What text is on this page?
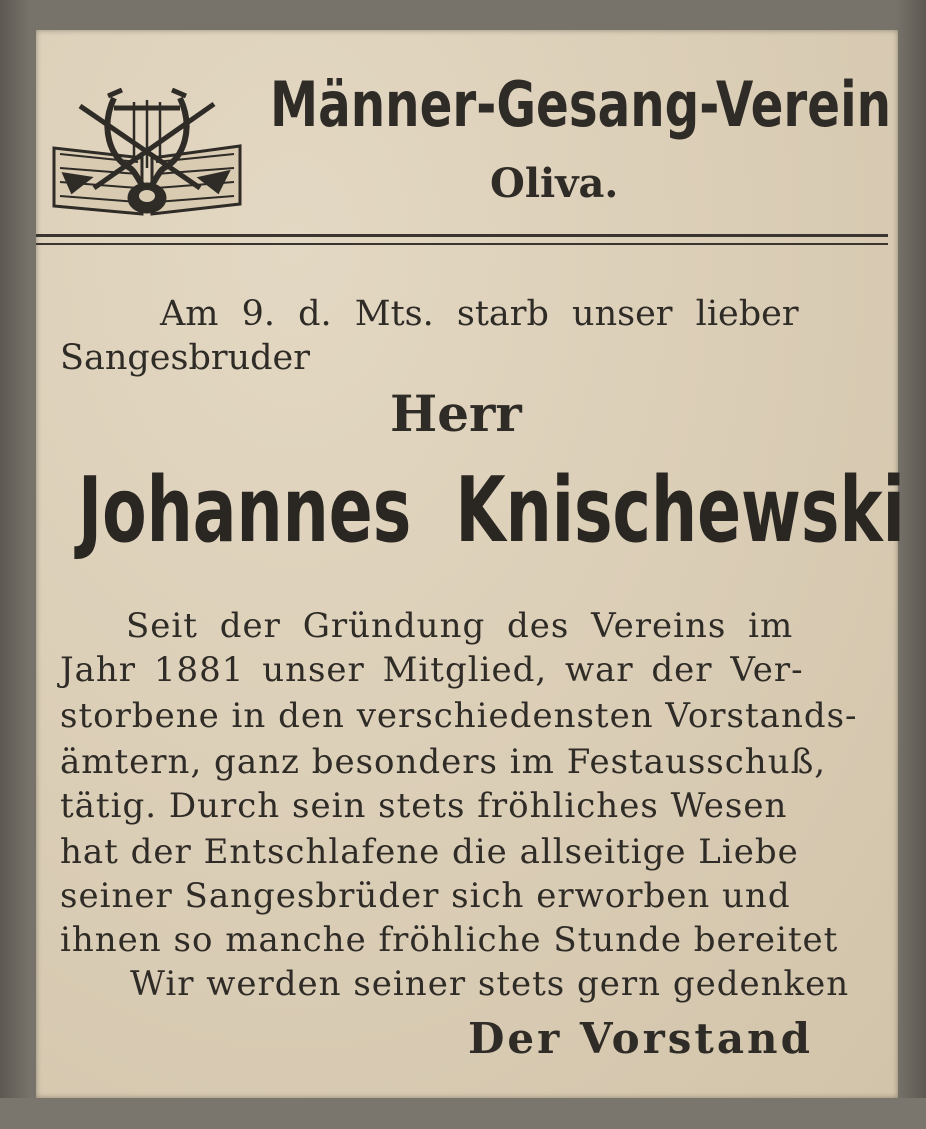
Männer-Gesang-Verein
Oliva.
Am 9. d. Mts. starb unser lieber
Sangesbruder
Herr
Johannes Knischewski
Seit der Gründung des Vereins im
Jahr 1881 unser Mitglied, war der Ver-
storbene in den verschiedensten Vorstands-
ämtern, ganz besonders im Festausschuß,
tätig. Durch sein stets fröhliches Wesen
hat der Entschlafene die allseitige Liebe
seiner Sangesbrüder sich erworben und
ihnen so manche fröhliche Stunde bereitet
Wir werden seiner stets gern gedenken
Der Vorstand
